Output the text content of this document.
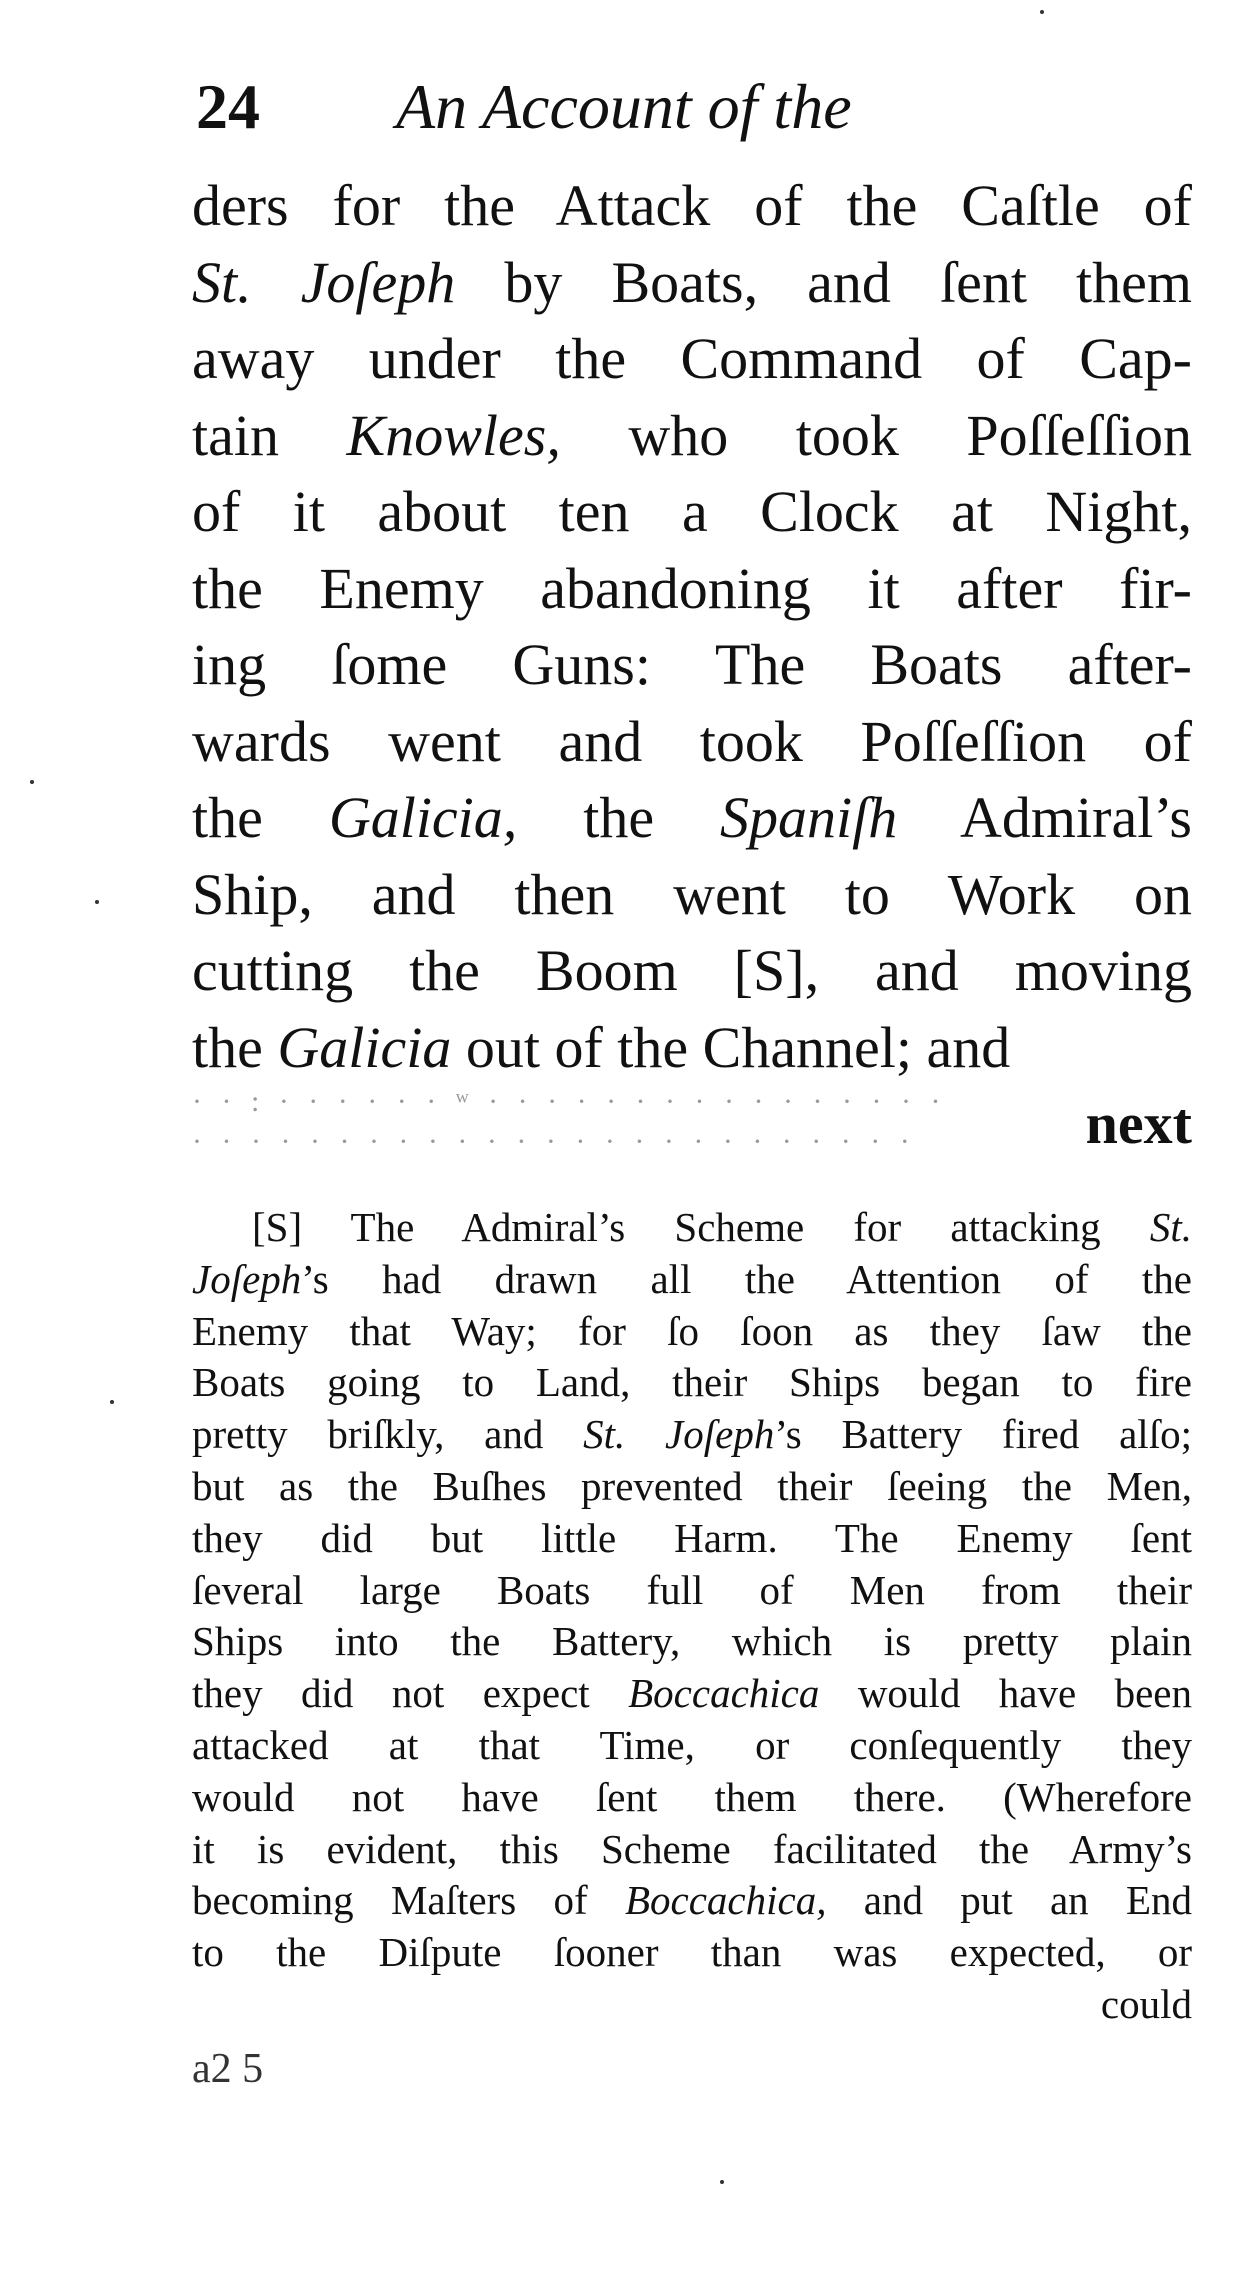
24 An Account of the
ders for the Attack of the Caſtle of
St. Joſeph by Boats, and ſent them
away under the Command of Cap-
tain Knowles, who took Poſſeſſion
of it about ten a Clock at Night,
the Enemy abandoning it after fir-
ing ſome Guns: The Boats after-
wards went and took Poſſeſſion of
the Galicia, the Spaniſh Admiral’s
Ship, and then went to Work on
cutting the Boom [S], and moving
the Galicia out of the Channel; and
next
· · : · · · · · · ʷ · · · · · · · · · · · · · · · ·
· · · · · · · · · · · · · · · · · · · · · · · · ·
[S] The Admiral’s Scheme for attacking St.
Joſeph’s had drawn all the Attention of the
Enemy that Way; for ſo ſoon as they ſaw the
Boats going to Land, their Ships began to fire
pretty briſkly, and St. Joſeph’s Battery fired alſo;
but as the Buſhes prevented their ſeeing the Men,
they did but little Harm. The Enemy ſent
ſeveral large Boats full of Men from their
Ships into the Battery, which is pretty plain
they did not expect Boccachica would have been
attacked at that Time, or conſequently they
would not have ſent them there. (Wherefore
it is evident, this Scheme facilitated the Army’s
becoming Maſters of Boccachica, and put an End
to the Diſpute ſooner than was expected, or
could
a2 5
